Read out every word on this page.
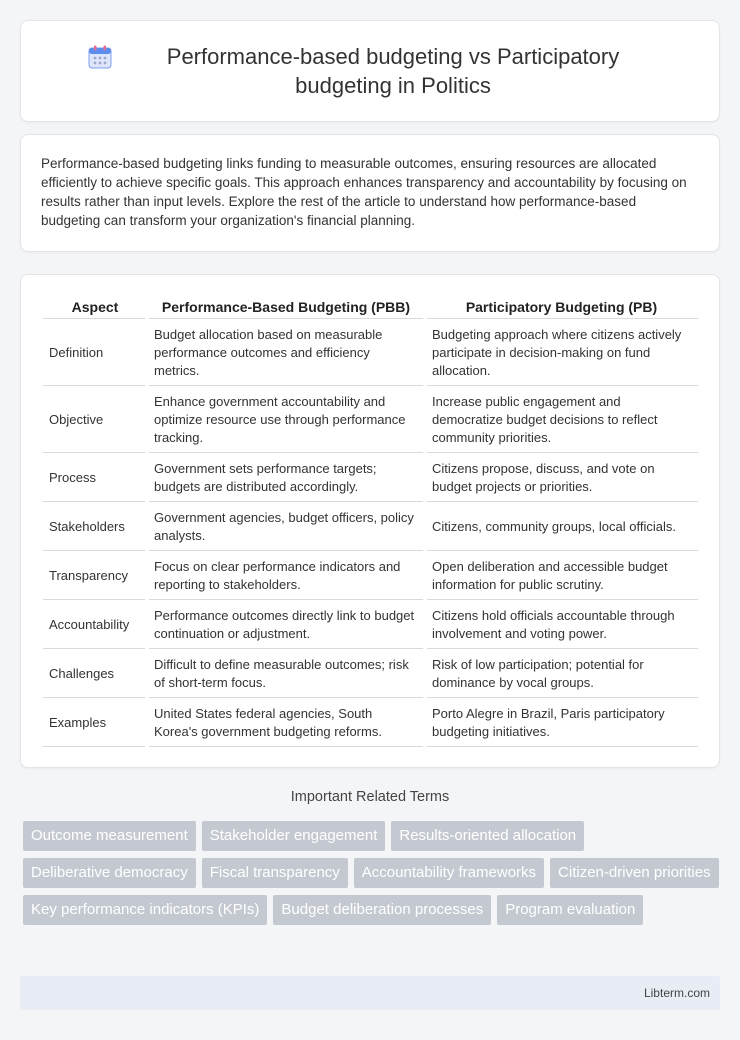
Performance-based budgeting vs Participatory budgeting in Politics

Performance-based budgeting links funding to measurable outcomes, ensuring resources are allocated efficiently to achieve specific goals. This approach enhances transparency and accountability by focusing on results rather than input levels. Explore the rest of the article to understand how performance-based budgeting can transform your organization's financial planning.

Aspect	Performance-Based Budgeting (PBB)	Participatory Budgeting (PB)
Definition	Budget allocation based on measurable performance outcomes and efficiency metrics.	Budgeting approach where citizens actively participate in decision-making on fund allocation.
Objective	Enhance government accountability and optimize resource use through performance tracking.	Increase public engagement and democratize budget decisions to reflect community priorities.
Process	Government sets performance targets; budgets are distributed accordingly.	Citizens propose, discuss, and vote on budget projects or priorities.
Stakeholders	Government agencies, budget officers, policy analysts.	Citizens, community groups, local officials.
Transparency	Focus on clear performance indicators and reporting to stakeholders.	Open deliberation and accessible budget information for public scrutiny.
Accountability	Performance outcomes directly link to budget continuation or adjustment.	Citizens hold officials accountable through involvement and voting power.
Challenges	Difficult to define measurable outcomes; risk of short-term focus.	Risk of low participation; potential for dominance by vocal groups.
Examples	United States federal agencies, South Korea's government budgeting reforms.	Porto Alegre in Brazil, Paris participatory budgeting initiatives.
Important Related Terms
Outcome measurement	Stakeholder engagement	Results-oriented allocation
Deliberative democracy	Fiscal transparency	Accountability frameworks	Citizen-driven priorities
Key performance indicators (KPIs)	Budget deliberation processes	Program evaluation
Libterm.com
